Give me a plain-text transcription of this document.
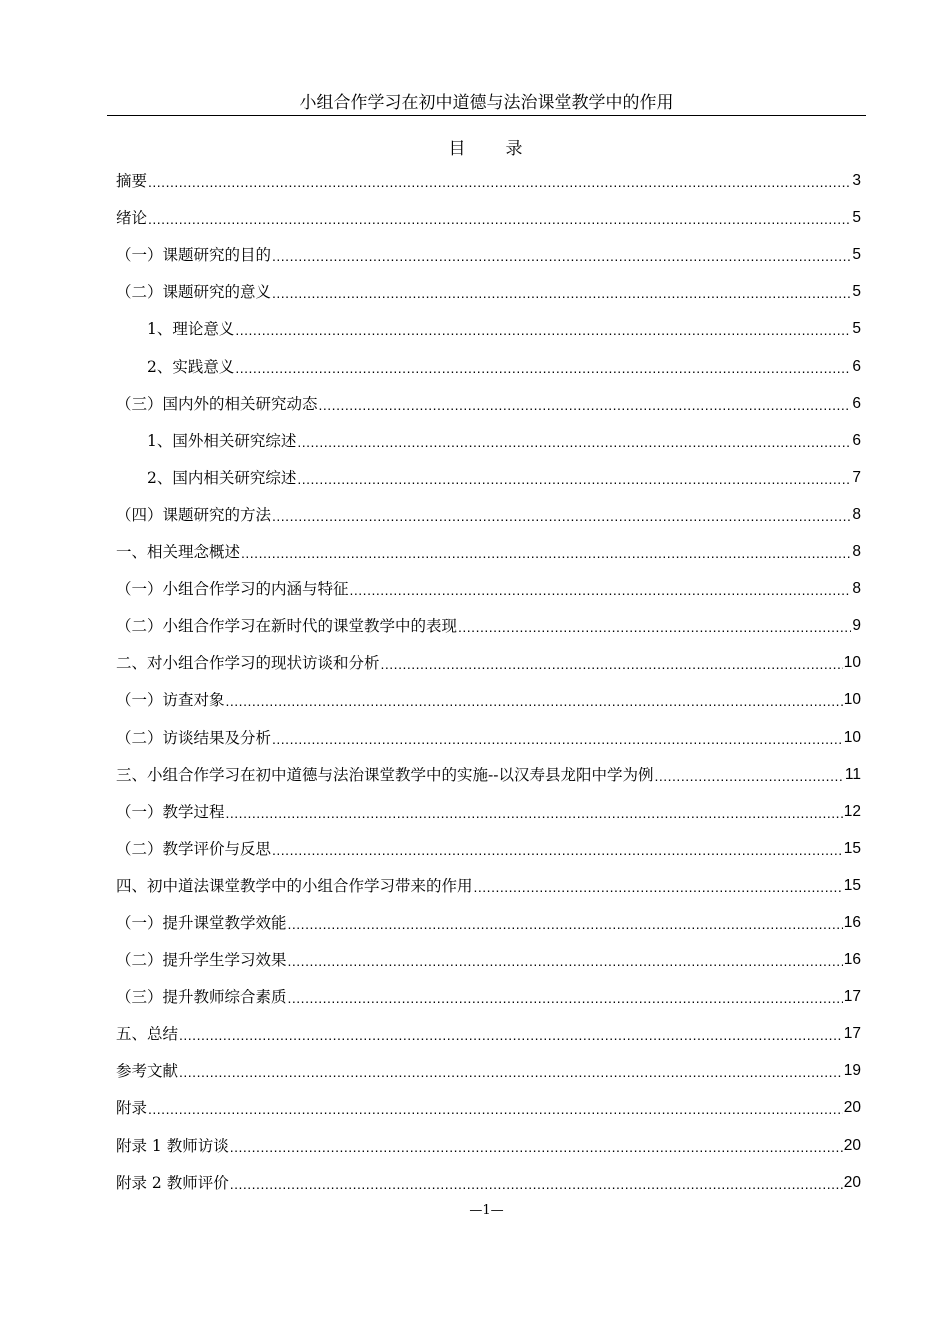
小组合作学习在初中道德与法治课堂教学中的作用
目　　录
摘要 .....	3
绪论 .....	5
（一）课题研究的目的 .....	5
（二）课题研究的意义 .....	5
1、理论意义 .....	5
2、实践意义 .....	6
（三）国内外的相关研究动态 .....	6
1、国外相关研究综述 .....	6
2、国内相关研究综述 .....	7
（四）课题研究的方法 .....	8
一、相关理念概述 .....	8
（一）小组合作学习的内涵与特征 .....	8
（二）小组合作学习在新时代的课堂教学中的表现 .....	9
二、对小组合作学习的现状访谈和分析 .....	10
（一）访查对象 .....	10
（二）访谈结果及分析 .....	10
三、小组合作学习在初中道德与法治课堂教学中的实施--以汉寿县龙阳中学为例 .....	11
（一）教学过程 .....	12
（二）教学评价与反思 .....	15
四、初中道法课堂教学中的小组合作学习带来的作用 .....	15
（一）提升课堂教学效能 .....	16
（二）提升学生学习效果 .....	16
（三）提升教师综合素质 .....	17
五、总结 .....	17
参考文献 .....	19
附录 .....	20
附录 1 教师访谈 .....	20
附录 2 教师评价 .....	20
—1—
